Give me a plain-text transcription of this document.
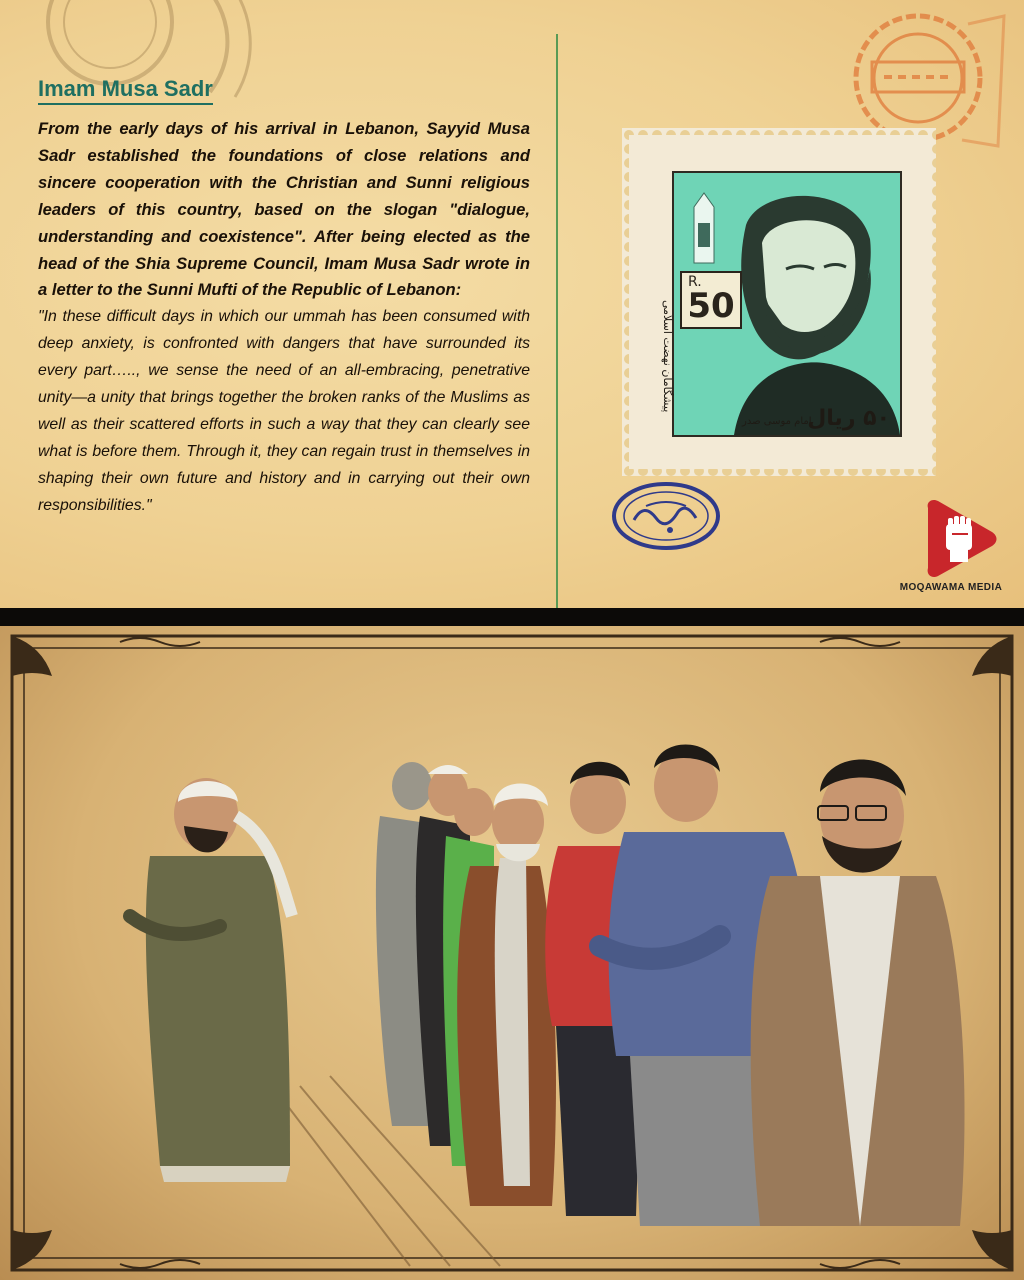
Imam Musa Sadr

From the early days of his arrival in Lebanon, Sayyid Musa Sadr established the foundations of close relations and sincere cooperation with the Christian and Sunni religious leaders of this country, based on the slogan "dialogue, understanding and coexistence". After being elected as the head of the Shia Supreme Council, Imam Musa Sadr wrote in a letter to the Sunni Mufti of the Republic of Lebanon:

"In these difficult days in which our ummah has been consumed with deep anxiety, is confronted with dangers that have surrounded its every part….., we sense the need of an all-embracing, penetrative unity—a unity that brings together the broken ranks of the Muslims as well as their scattered efforts in such a way that they can clearly see what is before them. Through it, they can regain trust in themselves in shaping their own future and history and in carrying out their own responsibilities."

R.
50
امام موسی صدر
۵۰ ریال
پیشگامان نهضت اسلامی
MOQAWAMA MEDIA
